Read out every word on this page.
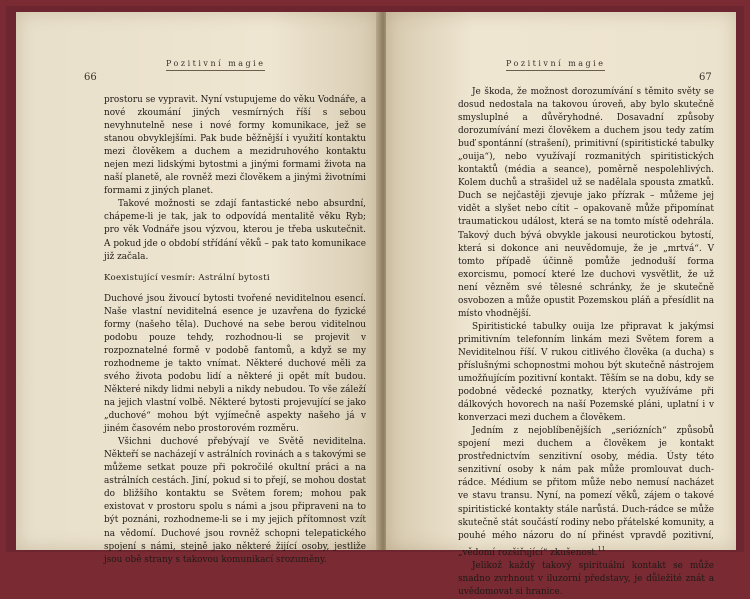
Pozitivní magie
66

prostoru se vypravit. Nyní vstupujeme do věku Vodnáře, a nové zkoumání jiných vesmírných říší s sebou nevyhnutelně nese i nové formy komunikace, jež se stanou obvyklejšími. Pak bude běžnější i využití kontaktu mezi člověkem a duchem a mezidruhového kontaktu nejen mezi lidskými bytostmi a jinými formami života na naší planetě, ale rovněž mezi člověkem a jinými životními formami z jiných planet.

Takové možnosti se zdají fantastické nebo absurdní, chápeme-li je tak, jak to odpovídá mentalitě věku Ryb; pro věk Vodnáře jsou výzvou, kterou je třeba uskutečnit. A pokud jde o období střídání věků – pak tato komunikace již začala.

Koexistující vesmír: Astrální bytosti

Duchové jsou živoucí bytosti tvořené neviditelnou esencí. Naše vlastní neviditelná esence je uzavřena do fyzické formy (našeho těla). Duchové na sebe berou viditelnou podobu pouze tehdy, rozhodnou-li se projevit v rozpoznatelné formě v podobě fantomů, a když se my rozhodneme je takto vnímat. Některé duchové měli za svého života podobu lidí a některé ji opět mít budou. Některé nikdy lidmi nebyli a nikdy nebudou. To vše záleží na jejich vlastní volbě. Některé bytosti projevující se jako „duchové“ mohou být vyjímečně aspekty našeho já v jiném časovém nebo prostorovém rozměru.

Všichni duchové přebývají ve Světě neviditelna. Někteří se nacházejí v astrálních rovinách a s takovými se můžeme setkat pouze při pokročilé okultní práci a na astrálních cestách. Jiní, pokud si to přejí, se mohou dostat do bližšího kontaktu se Světem forem; mohou pak existovat v prostoru spolu s námi a jsou připraveni na to být poznáni, rozhodneme-li se i my jejich přítomnost vzít na vědomí. Duchové jsou rovněž schopni telepatického spojení s námi, stejně jako některé žijící osoby, jestliže jsou obě strany s takovou komunikací srozuměny.

Pozitivní magie
67

Je škoda, že možnost dorozumívání s těmito světy se dosud nedostala na takovou úroveň, aby bylo skutečně smysluplné a důvěryhodné. Dosavadní způsoby dorozumívání mezi člověkem a duchem jsou tedy zatím buď spontánní (strašení), primitivní (spiritistické tabulky „ouija“), nebo využívají rozmanitých spiritistických kontaktů (média a seance), poměrně nespolehlivých. Kolem duchů a strašidel už se nadělala spousta zmatků. Duch se nejčastěji zjevuje jako přízrak – můžeme jej vidět a slyšet nebo cítit – opakovaně může připomínat traumatickou událost, která se na tomto místě odehrála. Takový duch bývá obvykle jakousi neurotickou bytostí, která si dokonce ani neuvědomuje, že je „mrtvá“. V tomto případě účinně pomůže jednoduší forma exorcismu, pomocí které lze duchovi vysvětlit, že už není vězněm své tělesné schránky, že je skutečně osvobozen a může opustit Pozemskou pláň a přesídlit na místo vhodnější.

Spiritistické tabulky ouija lze připravat k jakýmsi primitivním telefonním linkám mezi Světem forem a Neviditelnou říší. V rukou citlivého člověka (a ducha) s příslušnými schopnostmi mohou být skutečně nástrojem umožňujícím pozitivní kontakt. Těším se na dobu, kdy se podobné vědecké poznatky, kterých využíváme při dálkových hovorech na naší Pozemské pláni, uplatní i v konverzaci mezi duchem a člověkem.

Jedním z nejoblíbenějších „seriózních“ způsobů spojení mezi duchem a člověkem je kontakt prostřednictvím senzitivní osoby, média. Ústy této senzitivní osoby k nám pak může promlouvat duch-rádce. Médium se přitom může nebo nemusí nacházet ve stavu transu. Nyní, na pomezí věků, zájem o takové spiritistické kontakty stále narůstá. Duch-rádce se může skutečně stát součástí rodiny nebo přátelské komunity, a pouhé mého názoru do ní přinést vpravdě pozitivní, „vědomí rozšiřující“ zkušenost.$^{11}$

Jelikož každý takový spirituální kontakt se může snadno zvrhnout v iluzorní představy, je důležité znát a uvědomovat si hranice.
